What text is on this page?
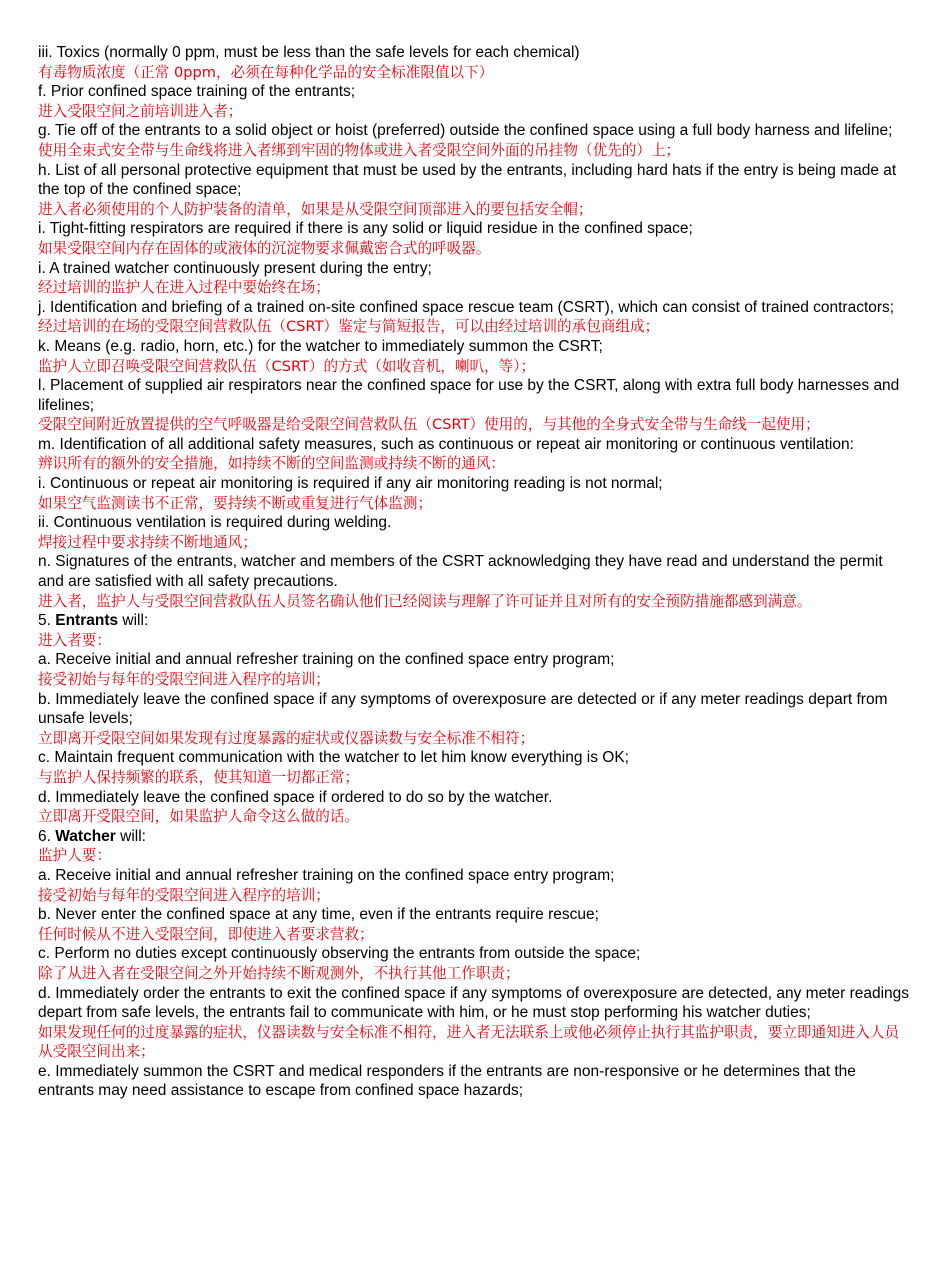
iii. Toxics (normally 0 ppm, must be less than the safe levels for each chemical)

有毒物质浓度（正常 0ppm，必须在每种化学品的安全标准限值以下）

f. Prior confined space training of the entrants;

进入受限空间之前培训进入者；

g. Tie off of the entrants to a solid object or hoist (preferred) outside the confined space using a full body harness and lifeline;

使用全束式安全带与生命线将进入者绑到牢固的物体或进入者受限空间外面的吊挂物（优先的）上；

h. List of all personal protective equipment that must be used by the entrants, including hard hats if the entry is being made at the top of the confined space;

进入者必须使用的个人防护装备的清单，如果是从受限空间顶部进入的要包括安全帽；

i. Tight-fitting respirators are required if there is any solid or liquid residue in the confined space;

如果受限空间内存在固体的或液体的沉淀物要求佩戴密合式的呼吸器。

i. A trained watcher continuously present during the entry;

经过培训的监护人在进入过程中要始终在场；

j. Identification and briefing of a trained on-site confined space rescue team (CSRT), which can consist of trained contractors;

经过培训的在场的受限空间营救队伍（CSRT）鉴定与简短报告，可以由经过培训的承包商组成；

k. Means (e.g. radio, horn, etc.) for the watcher to immediately summon the CSRT;

监护人立即召唤受限空间营救队伍（CSRT）的方式（如收音机，喇叭，等）；

l. Placement of supplied air respirators near the confined space for use by the CSRT, along with extra full body harnesses and lifelines;

受限空间附近放置提供的空气呼吸器是给受限空间营救队伍（CSRT）使用的，与其他的全身式安全带与生命线一起使用；

m. Identification of all additional safety measures, such as continuous or repeat air monitoring or continuous ventilation:

辨识所有的额外的安全措施，如持续不断的空间监测或持续不断的通风：

i. Continuous or repeat air monitoring is required if any air monitoring reading is not normal;

如果空气监测读书不正常，要持续不断或重复进行气体监测；

ii. Continuous ventilation is required during welding.

焊接过程中要求持续不断地通风；

n. Signatures of the entrants, watcher and members of the CSRT acknowledging they have read and understand the permit and are satisfied with all safety precautions.

进入者，监护人与受限空间营救队伍人员签名确认他们已经阅读与理解了许可证并且对所有的安全预防措施都感到满意。

5. Entrants will:

进入者要：

a. Receive initial and annual refresher training on the confined space entry program;

接受初始与每年的受限空间进入程序的培训；

b. Immediately leave the confined space if any symptoms of overexposure are detected or if any meter readings depart from unsafe levels;

立即离开受限空间如果发现有过度暴露的症状或仪器读数与安全标准不相符；

c. Maintain frequent communication with the watcher to let him know everything is OK;

与监护人保持频繁的联系，使其知道一切都正常；

d. Immediately leave the confined space if ordered to do so by the watcher.

立即离开受限空间，如果监护人命令这么做的话。

6. Watcher will:

监护人要：

a. Receive initial and annual refresher training on the confined space entry program;

接受初始与每年的受限空间进入程序的培训；

b. Never enter the confined space at any time, even if the entrants require rescue;

任何时候从不进入受限空间，即使进入者要求营救；

c. Perform no duties except continuously observing the entrants from outside the space;

除了从进入者在受限空间之外开始持续不断观测外，不执行其他工作职责；

d. Immediately order the entrants to exit the confined space if any symptoms of overexposure are detected, any meter readings depart from safe levels, the entrants fail to communicate with him, or he must stop performing his watcher duties;

如果发现任何的过度暴露的症状，仪器读数与安全标准不相符，进入者无法联系上或他必须停止执行其监护职责，要立即通知进入人员从受限空间出来；

e. Immediately summon the CSRT and medical responders if the entrants are non-responsive or he determines that the entrants may need assistance to escape from confined space hazards;
